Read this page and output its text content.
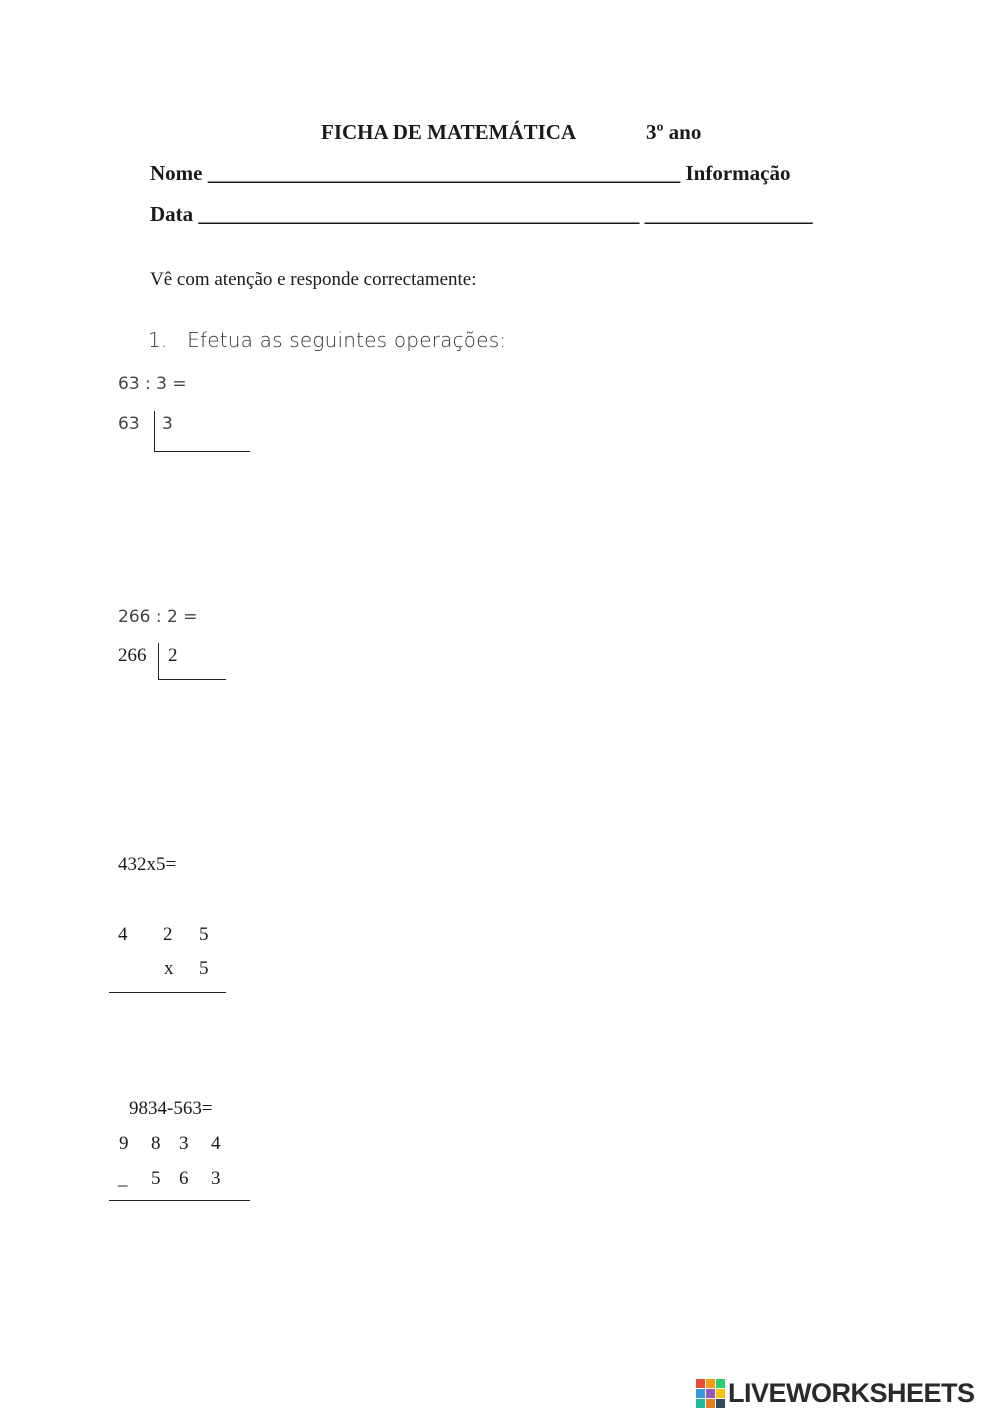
FICHA DE MATEMÁTICA	3º ano
Nome _____________________________________________ Informação
Data __________________________________________ ________________
Vê com atenção e responde correctamente:
1.   Efetua as seguintes operações:
63 : 3 =
63 3
266 : 2 =
266 2
432x5=
4 2 5
x 5
9834-563=
9 8 3 4
_ 5 6 3
LIVEWORKSHEETS
